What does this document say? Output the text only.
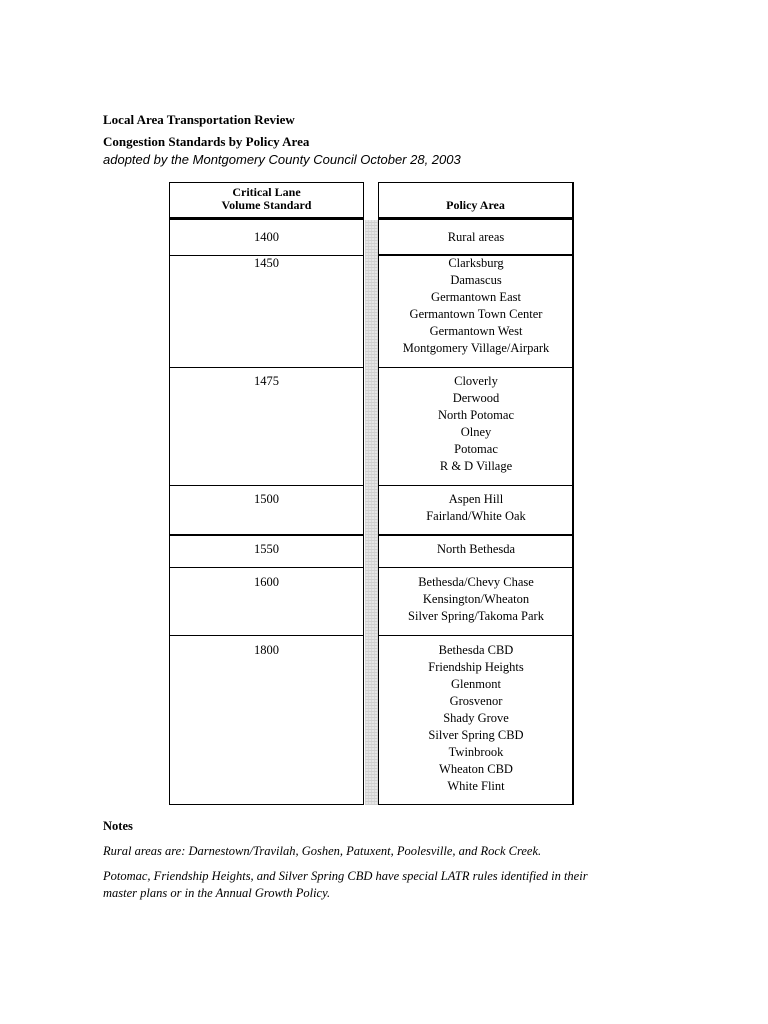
Local Area Transportation Review
Congestion Standards by Policy Area
adopted by the Montgomery County Council October 28, 2003
Critical Lane
Volume Standard	Policy Area
1400	Rural areas
1450	Clarksburg
Damascus
Germantown East
Germantown Town Center
Germantown West
Montgomery Village/Airpark
1475	Cloverly
Derwood
North Potomac
Olney
Potomac
R & D Village
1500	Aspen Hill
Fairland/White Oak
1550	North Bethesda
1600	Bethesda/Chevy Chase
Kensington/Wheaton
Silver Spring/Takoma Park
1800	Bethesda CBD
Friendship Heights
Glenmont
Grosvenor
Shady Grove
Silver Spring CBD
Twinbrook
Wheaton CBD
White Flint
Notes
Rural areas are: Darnestown/Travilah, Goshen, Patuxent, Poolesville, and Rock Creek.
Potomac, Friendship Heights, and Silver Spring CBD have special LATR rules identified in their master plans or in the Annual Growth Policy.
